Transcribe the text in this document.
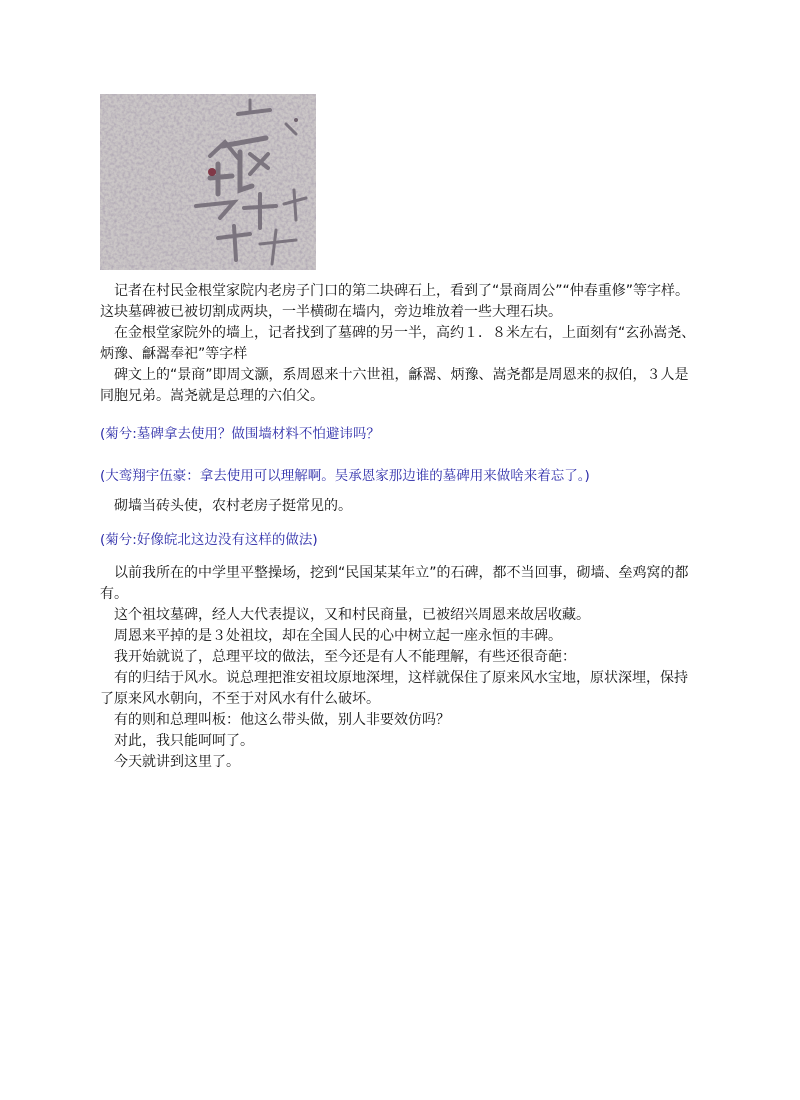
记者在村民金根堂家院内老房子门口的第二块碑石上，看到了“景商周公”“仲春重修”等字样。这块墓碑被已被切割成两块，一半横砌在墙内，旁边堆放着一些大理石块。

在金根堂家院外的墙上，记者找到了墓碑的另一半，高约１．８米左右，上面刻有“玄孙嵩尧、炳豫、龢翯奉祀”等字样

碑文上的“景商”即周文灏，系周恩来十六世祖，龢翯、炳豫、嵩尧都是周恩来的叔伯，３人是同胞兄弟。嵩尧就是总理的六伯父。

(菊兮:墓碑拿去使用？做围墙材料不怕避讳吗？
(大鸾翔宇伍豪：拿去使用可以理解啊。吴承恩家那边谁的墓碑用来做啥来着忘了。)
砌墙当砖头使，农村老房子挺常见的。
(菊兮:好像皖北这边没有这样的做法)

以前我所在的中学里平整操场，挖到“民国某某年立”的石碑，都不当回事，砌墙、垒鸡窝的都有。

这个祖坟墓碑，经人大代表提议，又和村民商量，已被绍兴周恩来故居收藏。

周恩来平掉的是３处祖坟，却在全国人民的心中树立起一座永恒的丰碑。

我开始就说了，总理平坟的做法，至今还是有人不能理解，有些还很奇葩：

有的归结于风水。说总理把淮安祖坟原地深埋，这样就保住了原来风水宝地，原状深埋，保持了原来风水朝向，不至于对风水有什么破坏。

有的则和总理叫板：他这么带头做，别人非要效仿吗？

对此，我只能呵呵了。

今天就讲到这里了。
